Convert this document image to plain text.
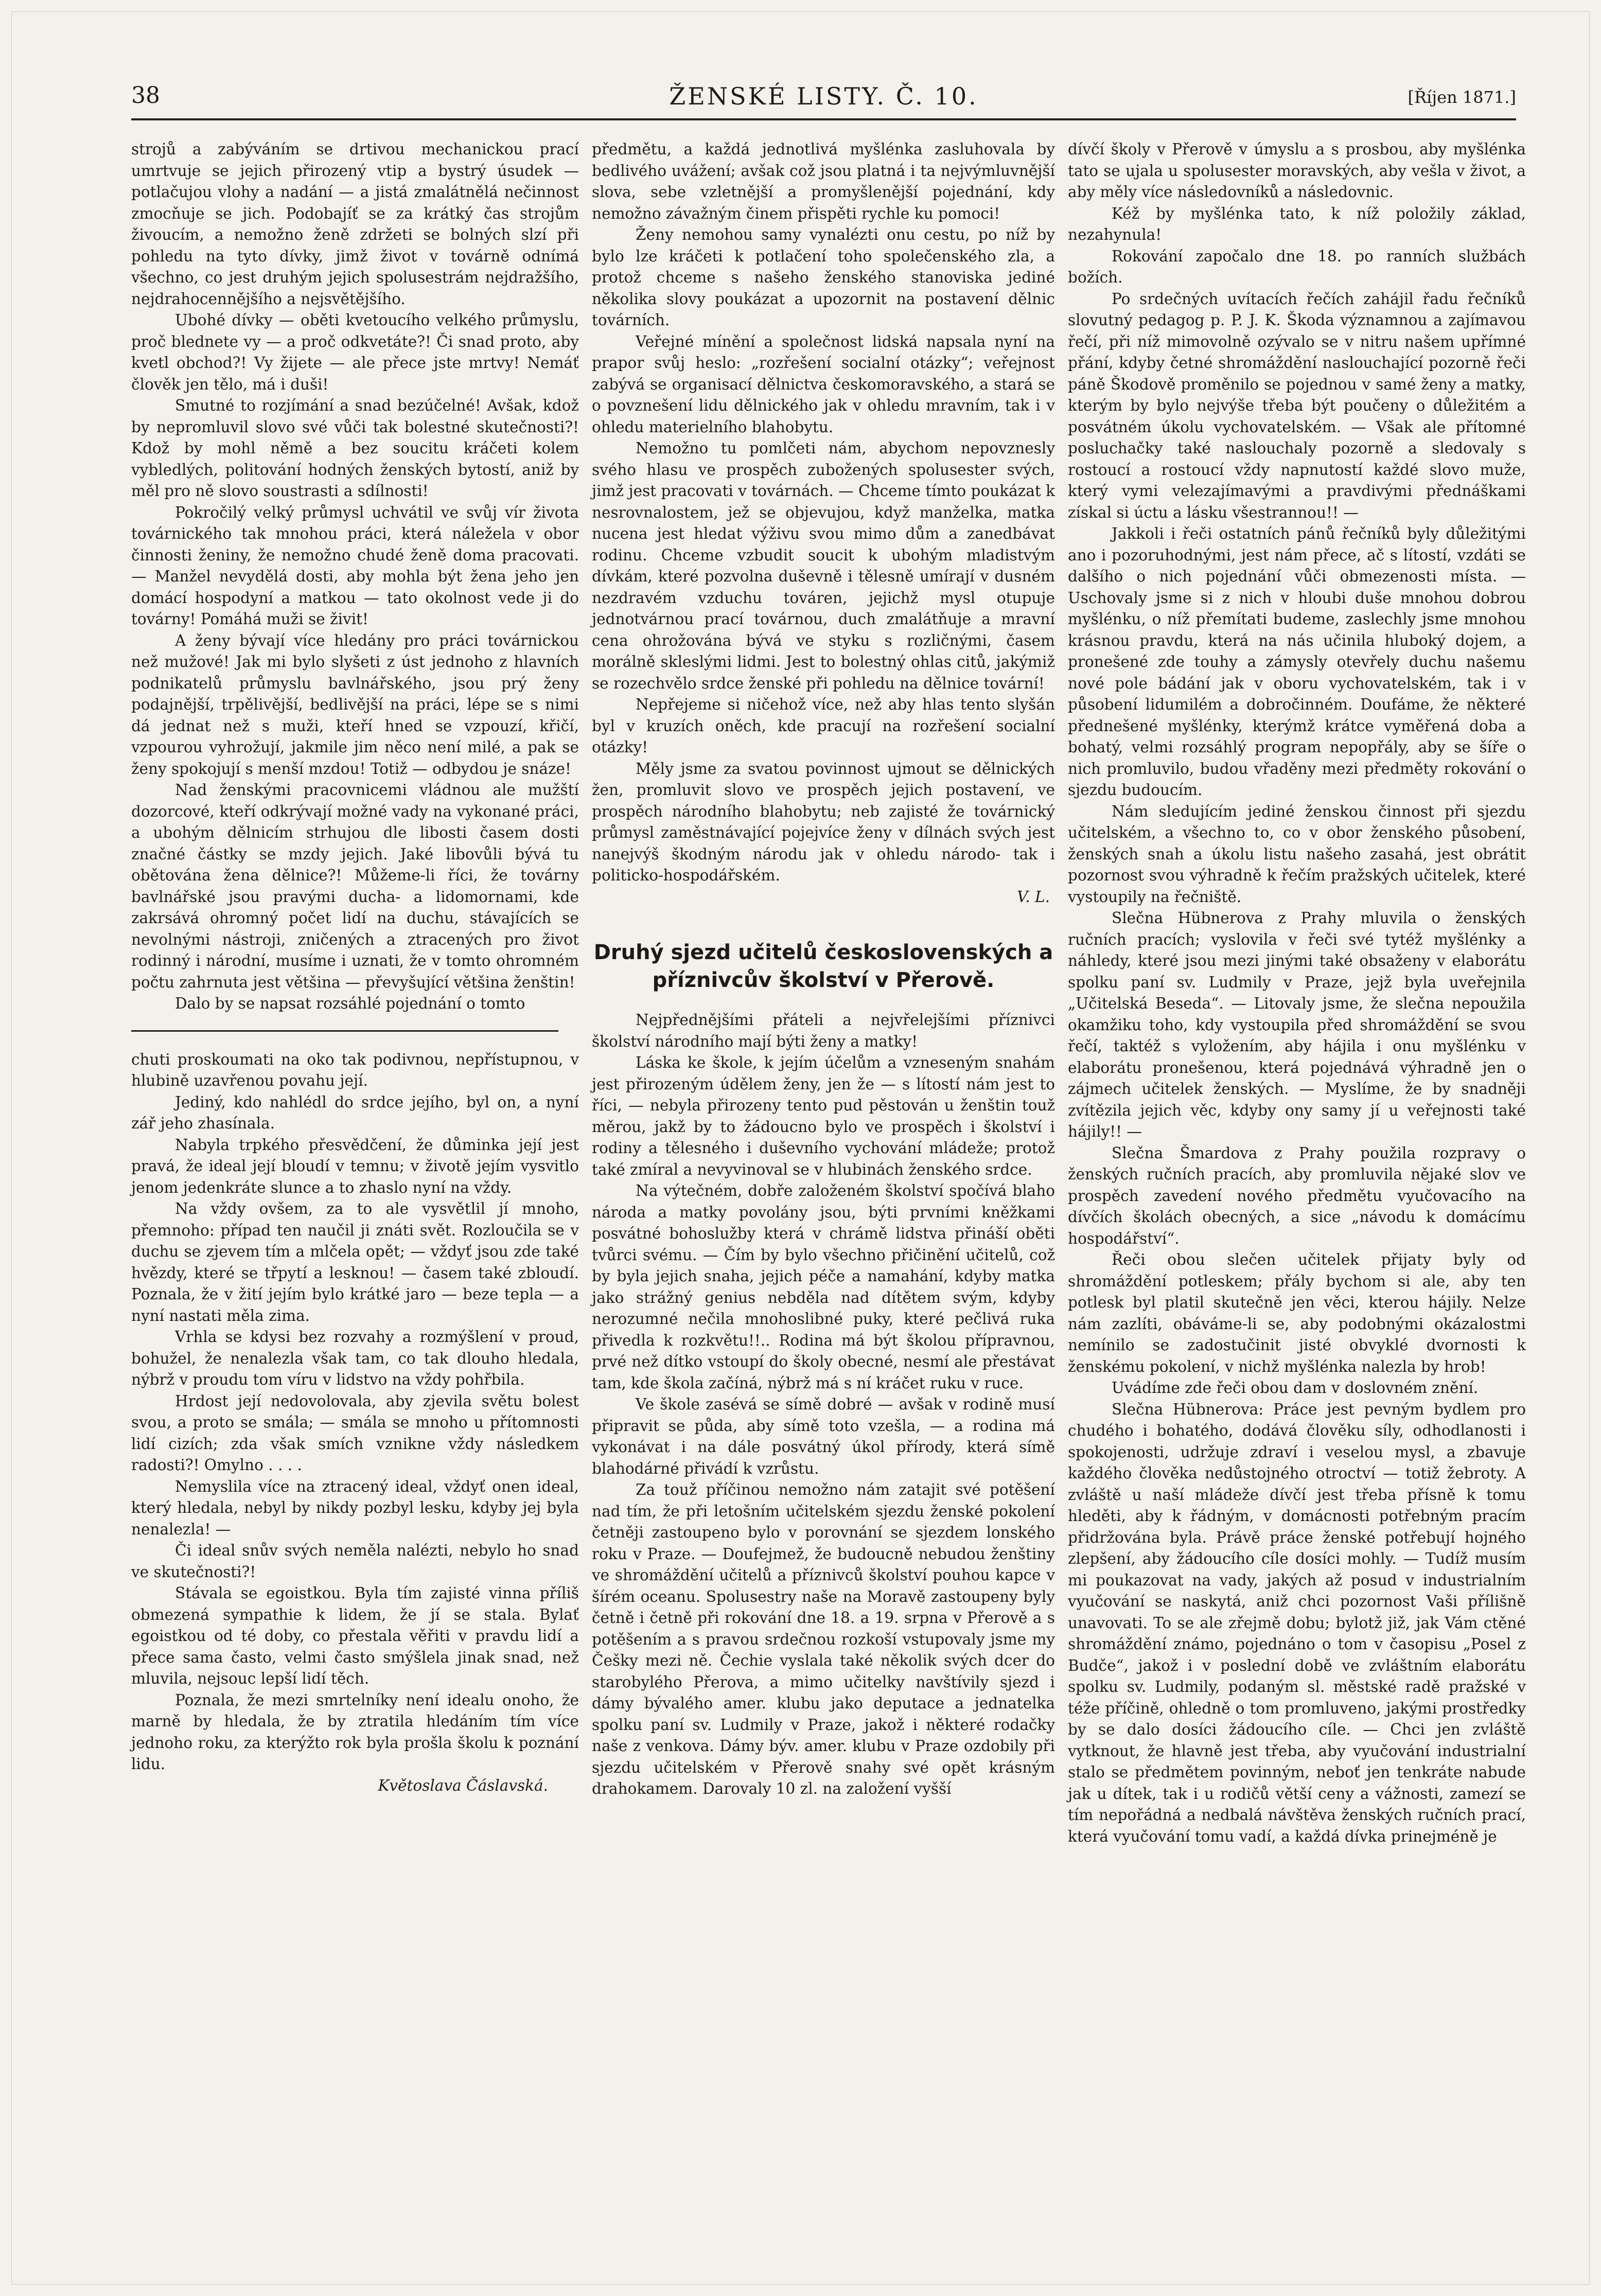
38	ŽENSKÉ LISTY. Č. 10.	[Říjen 1871.]

strojů a zabýváním se drtivou mechanickou prací umrtvuje se jejich přirozený vtip a bystrý úsudek — potlačujou vlohy a nadání — a jistá zmalátnělá nečinnost zmocňuje se jich. Podobajíť se za krátký čas strojům živoucím, a nemožno ženě zdržeti se bolných slzí při pohledu na tyto dívky, jimž život v továrně odnímá všechno, co jest druhým jejich spolusestrám nejdražšího, nejdrahocennějšího a nejsvětějšího.

Ubohé dívky — oběti kvetoucího velkého průmyslu, proč blednete vy — a proč odkvetáte?! Či snad proto, aby kvetl obchod?! Vy žijete — ale přece jste mrtvy! Nemáť člověk jen tělo, má i duši!

Smutné to rozjímání a snad bezúčelné! Avšak, kdož by nepromluvil slovo své vůči tak bolestné skutečnosti?! Kdož by mohl němě a bez soucitu kráčeti kolem vybledlých, politování hodných ženských bytostí, aniž by měl pro ně slovo soustrasti a sdílnosti!

Pokročilý velký průmysl uchvátil ve svůj vír života továrnického tak mnohou práci, která náležela v obor činnosti ženiny, že nemožno chudé ženě doma pracovati. — Manžel nevydělá dosti, aby mohla být žena jeho jen domácí hospodyní a matkou — tato okolnost vede ji do továrny! Pomáhá muži se živit!

A ženy bývají více hledány pro práci továrnickou než mužové! Jak mi bylo slyšeti z úst jednoho z hlavních podnikatelů průmyslu bavlnářského, jsou prý ženy podajnější, trpělivější, bedlivější na práci, lépe se s nimi dá jednat než s muži, kteří hned se vzpouzí, křičí, vzpourou vyhrožují, jakmile jim něco není milé, a pak se ženy spokojují s menší mzdou! Totiž — odbydou je snáze!

Nad ženskými pracovnicemi vládnou ale mužští dozorcové, kteří odkrývají možné vady na vykonané práci, a ubohým dělnicím strhujou dle libosti časem dosti značné částky se mzdy jejich. Jaké libovůli bývá tu obětována žena dělnice?! Můžeme-li říci, že továrny bavlnářské jsou pravými ducha- a lidomornami, kde zakrsává ohromný počet lidí na duchu, stávajících se nevolnými nástroji, zničených a ztracených pro život rodinný i národní, musíme i uznati, že v tomto ohromném počtu zahrnuta jest většina — převyšující většina ženštin!

Dalo by se napsat rozsáhlé pojednání o tomto

chuti proskoumati na oko tak podivnou, nepřístupnou, v hlubině uzavřenou povahu její.

Jediný, kdo nahlédl do srdce jejího, byl on, a nyní zář jeho zhasínala.

Nabyla trpkého přesvědčení, že důminka její jest pravá, že ideal její bloudí v temnu; v životě jejím vysvitlo jenom jedenkráte slunce a to zhaslo nyní na vždy.

Na vždy ovšem, za to ale vysvětlil jí mnoho, přemnoho: případ ten naučil ji znáti svět. Rozloučila se v duchu se zjevem tím a mlčela opět; — vždyť jsou zde také hvězdy, které se třpytí a lesknou! — časem také zbloudí. Poznala, že v žití jejím bylo krátké jaro — beze tepla — a nyní nastati měla zima.

Vrhla se kdysi bez rozvahy a rozmýšlení v proud, bohužel, že nenalezla však tam, co tak dlouho hledala, nýbrž v proudu tom víru v lidstvo na vždy pohřbila.

Hrdost její nedovolovala, aby zjevila světu bolest svou, a proto se smála; — smála se mnoho u přítomnosti lidí cizích; zda však smích vznikne vždy následkem radosti?! Omylno . . . .

Nemyslila více na ztracený ideal, vždyť onen ideal, který hledala, nebyl by nikdy pozbyl lesku, kdyby jej byla nenalezla! —

Či ideal snův svých neměla nalézti, nebylo ho snad ve skutečnosti?!

Stávala se egoistkou. Byla tím zajisté vinna příliš obmezená sympathie k lidem, že jí se stala. Bylať egoistkou od té doby, co přestala věřiti v pravdu lidí a přece sama často, velmi často smýšlela jinak snad, než mluvila, nejsouc lepší lidí těch.

Poznala, že mezi smrtelníky není idealu onoho, že marně by hledala, že by ztratila hledáním tím více jednoho roku, za kterýžto rok byla prošla školu k poznání lidu.

Květoslava Čáslavská.

předmětu, a každá jednotlivá myšlénka zasluhovala by bedlivého uvážení; avšak což jsou platná i ta nejvýmluvnější slova, sebe vzletnější a promyšlenější pojednání, kdy nemožno závažným činem přispěti rychle ku pomoci!

Ženy nemohou samy vynalézti onu cestu, po níž by bylo lze kráčeti k potlačení toho společenského zla, a protož chceme s našeho ženského stanoviska jediné několika slovy poukázat a upozornit na postavení dělnic továrních.

Veřejné mínění a společnost lidská napsala nyní na prapor svůj heslo: „rozřešení socialní otázky“; veřejnost zabývá se organisací dělnictva českomoravského, a stará se o povznešení lidu dělnického jak v ohledu mravním, tak i v ohledu materielního blahobytu.

Nemožno tu pomlčeti nám, abychom nepovznesly svého hlasu ve prospěch zubožených spolusester svých, jimž jest pracovati v továrnách. — Chceme tímto poukázat k nesrovnalostem, jež se objevujou, když manželka, matka nucena jest hledat výživu svou mimo dům a zanedbávat rodinu. Chceme vzbudit soucit k ubohým mladistvým dívkám, které pozvolna duševně i tělesně umírají v dusném nezdravém vzduchu továren, jejichž mysl otupuje jednotvárnou prací továrnou, duch zmalátňuje a mravní cena ohrožována bývá ve styku s rozličnými, časem morálně skleslými lidmi. Jest to bolestný ohlas citů, jakýmiž se rozechvělo srdce ženské při pohledu na dělnice tovární!

Nepřejeme si ničehož více, než aby hlas tento slyšán byl v kruzích oněch, kde pracují na rozřešení socialní otázky!

Měly jsme za svatou povinnost ujmout se dělnických žen, promluvit slovo ve prospěch jejich postavení, ve prospěch národního blahobytu; neb zajisté že továrnický průmysl zaměstnávající pojejvíce ženy v dílnách svých jest nanejvýš škodným národu jak v ohledu národo- tak i politicko-hospodářském.

V. L.

Druhý sjezd učitelů československých a příznivcův školství v Přerově.

Nejpřednějšími přáteli a nejvřelejšími příznivci školství národního mají býti ženy a matky!

Láska ke škole, k jejím účelům a vzneseným snahám jest přirozeným údělem ženy, jen že — s lítostí nám jest to říci, — nebyla přirozeny tento pud pěstován u ženštin touž měrou, jakž by to žádoucno bylo ve prospěch i školství i rodiny a tělesného i duševního vychování mládeže; protož také zmíral a nevyvinoval se v hlubinách ženského srdce.

Na výtečném, dobře založeném školství spočívá blaho národa a matky povolány jsou, býti prvními kněžkami posvátné bohoslužby která v chrámě lidstva přináší oběti tvůrci svému. — Čím by bylo všechno přičinění učitelů, což by byla jejich snaha, jejich péče a namahání, kdyby matka jako strážný genius nebděla nad dítětem svým, kdyby nerozumné nečila mnohoslibné puky, které pečlivá ruka přivedla k rozkvětu!!.. Rodina má být školou přípravnou, prvé než dítko vstoupí do školy obecné, nesmí ale přestávat tam, kde škola začíná, nýbrž má s ní kráčet ruku v ruce.

Ve škole zasévá se símě dobré — avšak v rodině musí připravit se půda, aby símě toto vzešla, — a rodina má vykonávat i na dále posvátný úkol přírody, která símě blahodárné přivádí k vzrůstu.

Za touž příčinou nemožno nám zatajit své potěšení nad tím, že při letošním učitelském sjezdu ženské pokolení četněji zastoupeno bylo v porovnání se sjezdem lonského roku v Praze. — Doufejmež, že budoucně nebudou ženštiny ve shromáždění učitelů a příznivců školství pouhou kapce v šírém oceanu. Spolusestry naše na Moravě zastoupeny byly četně i četně při rokování dne 18. a 19. srpna v Přerově a s potěšením a s pravou srdečnou rozkoší vstupovaly jsme my Češky mezi ně. Čechie vyslala také několik svých dcer do starobylého Přerova, a mimo učitelky navštívily sjezd i dámy bývalého amer. klubu jako deputace a jednatelka spolku paní sv. Ludmily v Praze, jakož i některé rodačky naše z venkova. Dámy býv. amer. klubu v Praze ozdobily při sjezdu učitelském v Přerově snahy své opět krásným drahokamem. Darovaly 10 zl. na založení vyšší

dívčí školy v Přerově v úmyslu a s prosbou, aby myšlénka tato se ujala u spolusester moravských, aby vešla v život, a aby měly více následovníků a následovnic.

Kéž by myšlénka tato, k níž položily základ, nezahynula!

Rokování započalo dne 18. po ranních službách božích.

Po srdečných uvítacích řečích zahájil řadu řečníků slovutný pedagog p. P. J. K. Škoda významnou a zajímavou řečí, při níž mimovolně ozývalo se v nitru našem upřímné přání, kdyby četné shromáždění naslouchající pozorně řeči páně Škodově proměnilo se pojednou v samé ženy a matky, kterým by bylo nejvýše třeba být poučeny o důležitém a posvátném úkolu vychovatelském. — Však ale přítomné posluchačky také naslouchaly pozorně a sledovaly s rostoucí a rostoucí vždy napnutostí každé slovo muže, který vymi velezajímavými a pravdivými přednáškami získal si úctu a lásku všestrannou!! —

Jakkoli i řeči ostatních pánů řečníků byly důležitými ano i pozoruhodnými, jest nám přece, ač s lítostí, vzdáti se dalšího o nich pojednání vůči obmezenosti místa. — Uschovaly jsme si z nich v hloubi duše mnohou dobrou myšlénku, o níž přemítati budeme, zaslechly jsme mnohou krásnou pravdu, která na nás učinila hluboký dojem, a pronešené zde touhy a zámysly otevřely duchu našemu nové pole bádání jak v oboru vychovatelském, tak i v působení lidumilém a dobročinném. Doufáme, že některé přednešené myšlénky, kterýmž krátce vyměřená doba a bohatý, velmi rozsáhlý program nepopřály, aby se šíře o nich promluvilo, budou vřaděny mezi předměty rokování o sjezdu budoucím.

Nám sledujícím jediné ženskou činnost při sjezdu učitelském, a všechno to, co v obor ženského působení, ženských snah a úkolu listu našeho zasahá, jest obrátit pozornost svou výhradně k řečím pražských učitelek, které vystoupily na řečniště.

Slečna Hübnerova z Prahy mluvila o ženských ručních pracích; vyslovila v řeči své tytéž myšlénky a náhledy, které jsou mezi jinými také obsaženy v elaborátu spolku paní sv. Ludmily v Praze, jejž byla uveřejnila „Učitelská Beseda“. — Litovaly jsme, že slečna nepoužila okamžiku toho, kdy vystoupila před shromáždění se svou řečí, taktéž s vyložením, aby hájila i onu myšlénku v elaborátu pronešenou, která pojednává výhradně jen o zájmech učitelek ženských. — Myslíme, že by snadněji zvítězila jejich věc, kdyby ony samy jí u veřejnosti také hájily!! —

Slečna Šmardova z Prahy použila rozpravy o ženských ručních pracích, aby promluvila nějaké slov ve prospěch zavedení nového předmětu vyučovacího na dívčích školách obecných, a sice „návodu k domácímu hospodářství“.

Řeči obou slečen učitelek přijaty byly od shromáždění potleskem; přály bychom si ale, aby ten potlesk byl platil skutečně jen věci, kterou hájily. Nelze nám zazlíti, obáváme-li se, aby podobnými okázalostmi nemínilo se zadostučinit jisté obvyklé dvornosti k ženskému pokolení, v nichž myšlénka nalezla by hrob!

Uvádíme zde řeči obou dam v doslovném znění.

Slečna Hübnerova: Práce jest pevným bydlem pro chudého i bohatého, dodává člověku síly, odhodlanosti i spokojenosti, udržuje zdraví i veselou mysl, a zbavuje každého člověka nedůstojného otroctví — totiž žebroty. A zvláště u naší mládeže dívčí jest třeba přísně k tomu hleděti, aby k řádným, v domácnosti potřebným pracím přidržována byla. Právě práce ženské potřebují hojného zlepšení, aby žádoucího cíle dosíci mohly. — Tudíž musím mi poukazovat na vady, jakých až posud v industrialním vyučování se naskytá, aniž chci pozornost Vaši přílišně unavovati. To se ale zřejmě dobu; bylotž již, jak Vám ctěné shromáždění známo, pojednáno o tom v časopisu „Posel z Budče“, jakož i v poslední době ve zvláštním elaborátu spolku sv. Ludmily, podaným sl. městské radě pražské v téže příčině, ohledně o tom promluveno, jakými prostředky by se dalo dosíci žádoucího cíle. — Chci jen zvláště vytknout, že hlavně jest třeba, aby vyučování industrialní stalo se předmětem povinným, neboť jen tenkráte nabude jak u dítek, tak i u rodičů větší ceny a vážnosti, zamezí se tím nepořádná a nedbalá návštěva ženských ručních prací, která vyučování tomu vadí, a každá dívka prinejméně je
